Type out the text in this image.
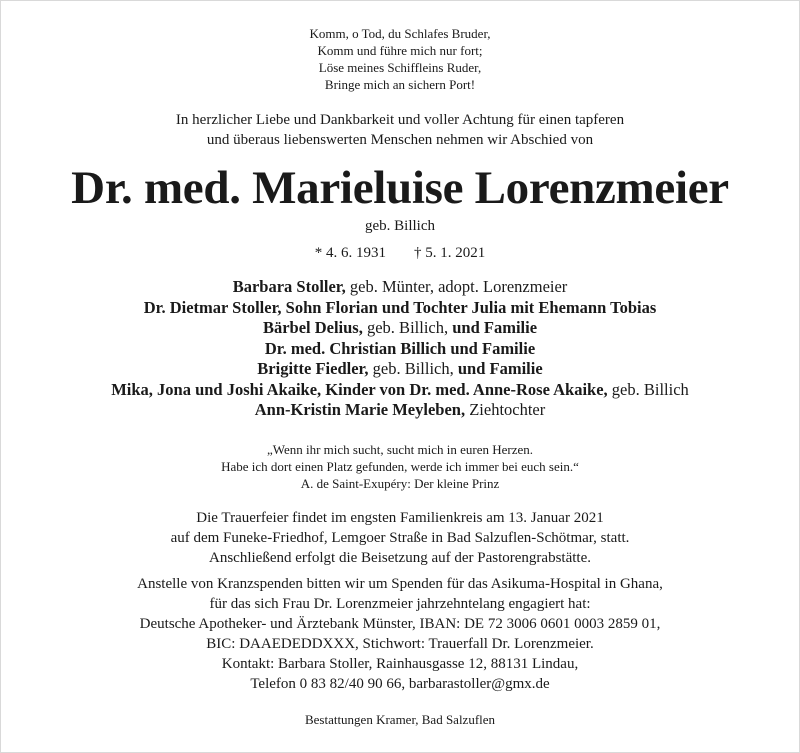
Komm, o Tod, du Schlafes Bruder,
Komm und führe mich nur fort;
Löse meines Schiffleins Ruder,
Bringe mich an sichern Port!
In herzlicher Liebe und Dankbarkeit und voller Achtung für einen tapferen
und überaus liebenswerten Menschen nehmen wir Abschied von
Dr. med. Marieluise Lorenzmeier
geb. Billich
* 4. 6. 1931 † 5. 1. 2021
Barbara Stoller, geb. Münter, adopt. Lorenzmeier
Dr. Dietmar Stoller, Sohn Florian und Tochter Julia mit Ehemann Tobias
Bärbel Delius, geb. Billich, und Familie
Dr. med. Christian Billich und Familie
Brigitte Fiedler, geb. Billich, und Familie
Mika, Jona und Joshi Akaike, Kinder von Dr. med. Anne-Rose Akaike, geb. Billich
Ann-Kristin Marie Meyleben, Ziehtochter
„Wenn ihr mich sucht, sucht mich in euren Herzen.
Habe ich dort einen Platz gefunden, werde ich immer bei euch sein.“
A. de Saint-Exupéry: Der kleine Prinz
Die Trauerfeier findet im engsten Familienkreis am 13. Januar 2021
auf dem Funeke-Friedhof, Lemgoer Straße in Bad Salzuflen-Schötmar, statt.
Anschließend erfolgt die Beisetzung auf der Pastorengrabstätte.
Anstelle von Kranzspenden bitten wir um Spenden für das Asikuma-Hospital in Ghana,
für das sich Frau Dr. Lorenzmeier jahrzehntelang engagiert hat:
Deutsche Apotheker- und Ärztebank Münster, IBAN: DE 72 3006 0601 0003 2859 01,
BIC: DAAEDEDDXXX, Stichwort: Trauerfall Dr. Lorenzmeier.
Kontakt: Barbara Stoller, Rainhausgasse 12, 88131 Lindau,
Telefon 0 83 82/40 90 66, barbarastoller@gmx.de
Bestattungen Kramer, Bad Salzuflen
